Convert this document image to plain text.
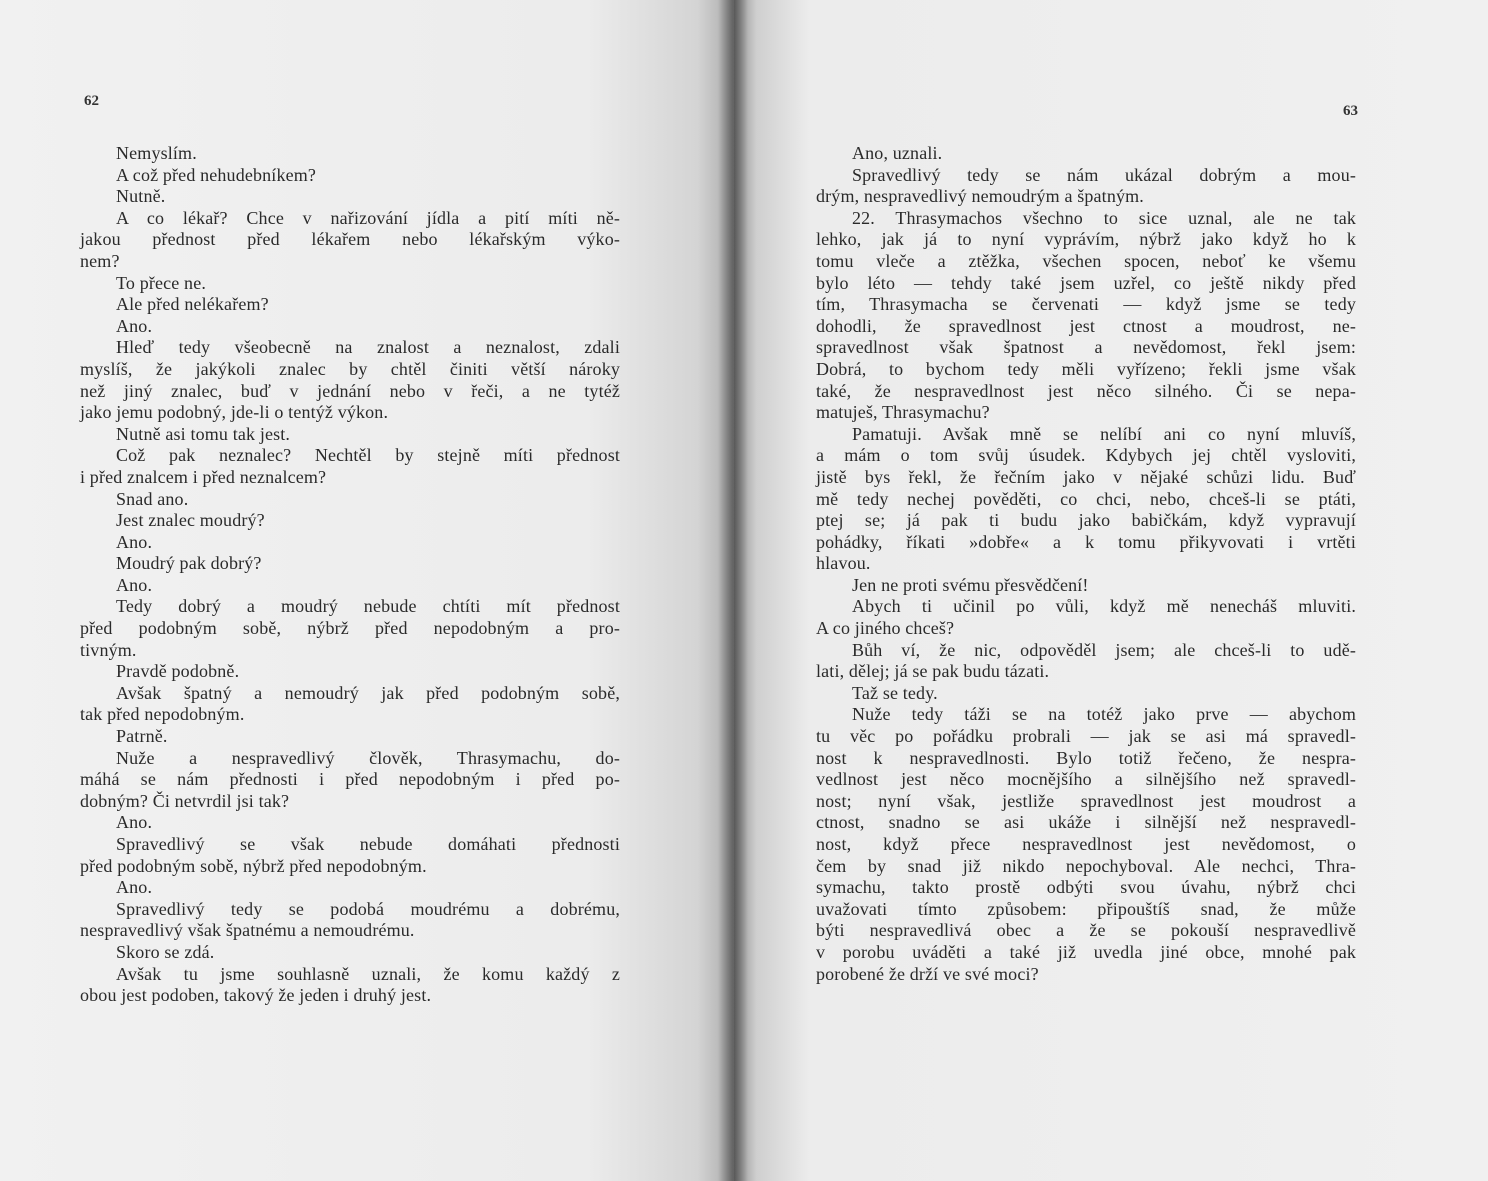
62
Nemyslím.
A což před nehudebníkem?
Nutně.
A co lékař? Chce v nařizování jídla a pití míti ně-
jakou přednost před lékařem nebo lékařským výko-
nem?
To přece ne.
Ale před nelékařem?
Ano.
Hleď tedy všeobecně na znalost a neznalost, zdali
myslíš, že jakýkoli znalec by chtěl činiti větší nároky
než jiný znalec, buď v jednání nebo v řeči, a ne tytéž
jako jemu podobný, jde-li o tentýž výkon.
Nutně asi tomu tak jest.
Což pak neznalec? Nechtěl by stejně míti přednost
i před znalcem i před neznalcem?
Snad ano.
Jest znalec moudrý?
Ano.
Moudrý pak dobrý?
Ano.
Tedy dobrý a moudrý nebude chtíti mít přednost
před podobným sobě, nýbrž před nepodobným a pro-
tivným.
Pravdě podobně.
Avšak špatný a nemoudrý jak před podobným sobě,
tak před nepodobným.
Patrně.
Nuže a nespravedlivý člověk, Thrasymachu, do-
máhá se nám přednosti i před nepodobným i před po-
dobným? Či netvrdil jsi tak?
Ano.
Spravedlivý se však nebude domáhati přednosti
před podobným sobě, nýbrž před nepodobným.
Ano.
Spravedlivý tedy se podobá moudrému a dobrému,
nespravedlivý však špatnému a nemoudrému.
Skoro se zdá.
Avšak tu jsme souhlasně uznali, že komu každý z
obou jest podoben, takový že jeden i druhý jest.
63
Ano, uznali.
Spravedlivý tedy se nám ukázal dobrým a mou-
drým, nespravedlivý nemoudrým a špatným.
22. Thrasymachos všechno to sice uznal, ale ne tak
lehko, jak já to nyní vyprávím, nýbrž jako když ho k
tomu vleče a ztěžka, všechen spocen, neboť ke všemu
bylo léto — tehdy také jsem uzřel, co ještě nikdy před
tím, Thrasymacha se červenati — když jsme se tedy
dohodli, že spravedlnost jest ctnost a moudrost, ne-
spravedlnost však špatnost a nevědomost, řekl jsem:
Dobrá, to bychom tedy měli vyřízeno; řekli jsme však
také, že nespravedlnost jest něco silného. Či se nepa-
matuješ, Thrasymachu?
Pamatuji. Avšak mně se nelíbí ani co nyní mluvíš,
a mám o tom svůj úsudek. Kdybych jej chtěl vysloviti,
jistě bys řekl, že řečním jako v nějaké schůzi lidu. Buď
mě tedy nechej pověděti, co chci, nebo, chceš-li se ptáti,
ptej se; já pak ti budu jako babičkám, když vypravují
pohádky, říkati »dobře« a k tomu přikyvovati i vrtěti
hlavou.
Jen ne proti svému přesvědčení!
Abych ti učinil po vůli, když mě nenecháš mluviti.
A co jiného chceš?
Bůh ví, že nic, odpověděl jsem; ale chceš-li to udě-
lati, dělej; já se pak budu tázati.
Taž se tedy.
Nuže tedy táži se na totéž jako prve — abychom
tu věc po pořádku probrali — jak se asi má spravedl-
nost k nespravedlnosti. Bylo totiž řečeno, že nespra-
vedlnost jest něco mocnějšího a silnějšího než spravedl-
nost; nyní však, jestliže spravedlnost jest moudrost a
ctnost, snadno se asi ukáže i silnější než nespravedl-
nost, když přece nespravedlnost jest nevědomost, o
čem by snad již nikdo nepochyboval. Ale nechci, Thra-
symachu, takto prostě odbýti svou úvahu, nýbrž chci
uvažovati tímto způsobem: připouštíš snad, že může
býti nespravedlivá obec a že se pokouší nespravedlivě
v porobu uváděti a také již uvedla jiné obce, mnohé pak
porobené že drží ve své moci?
